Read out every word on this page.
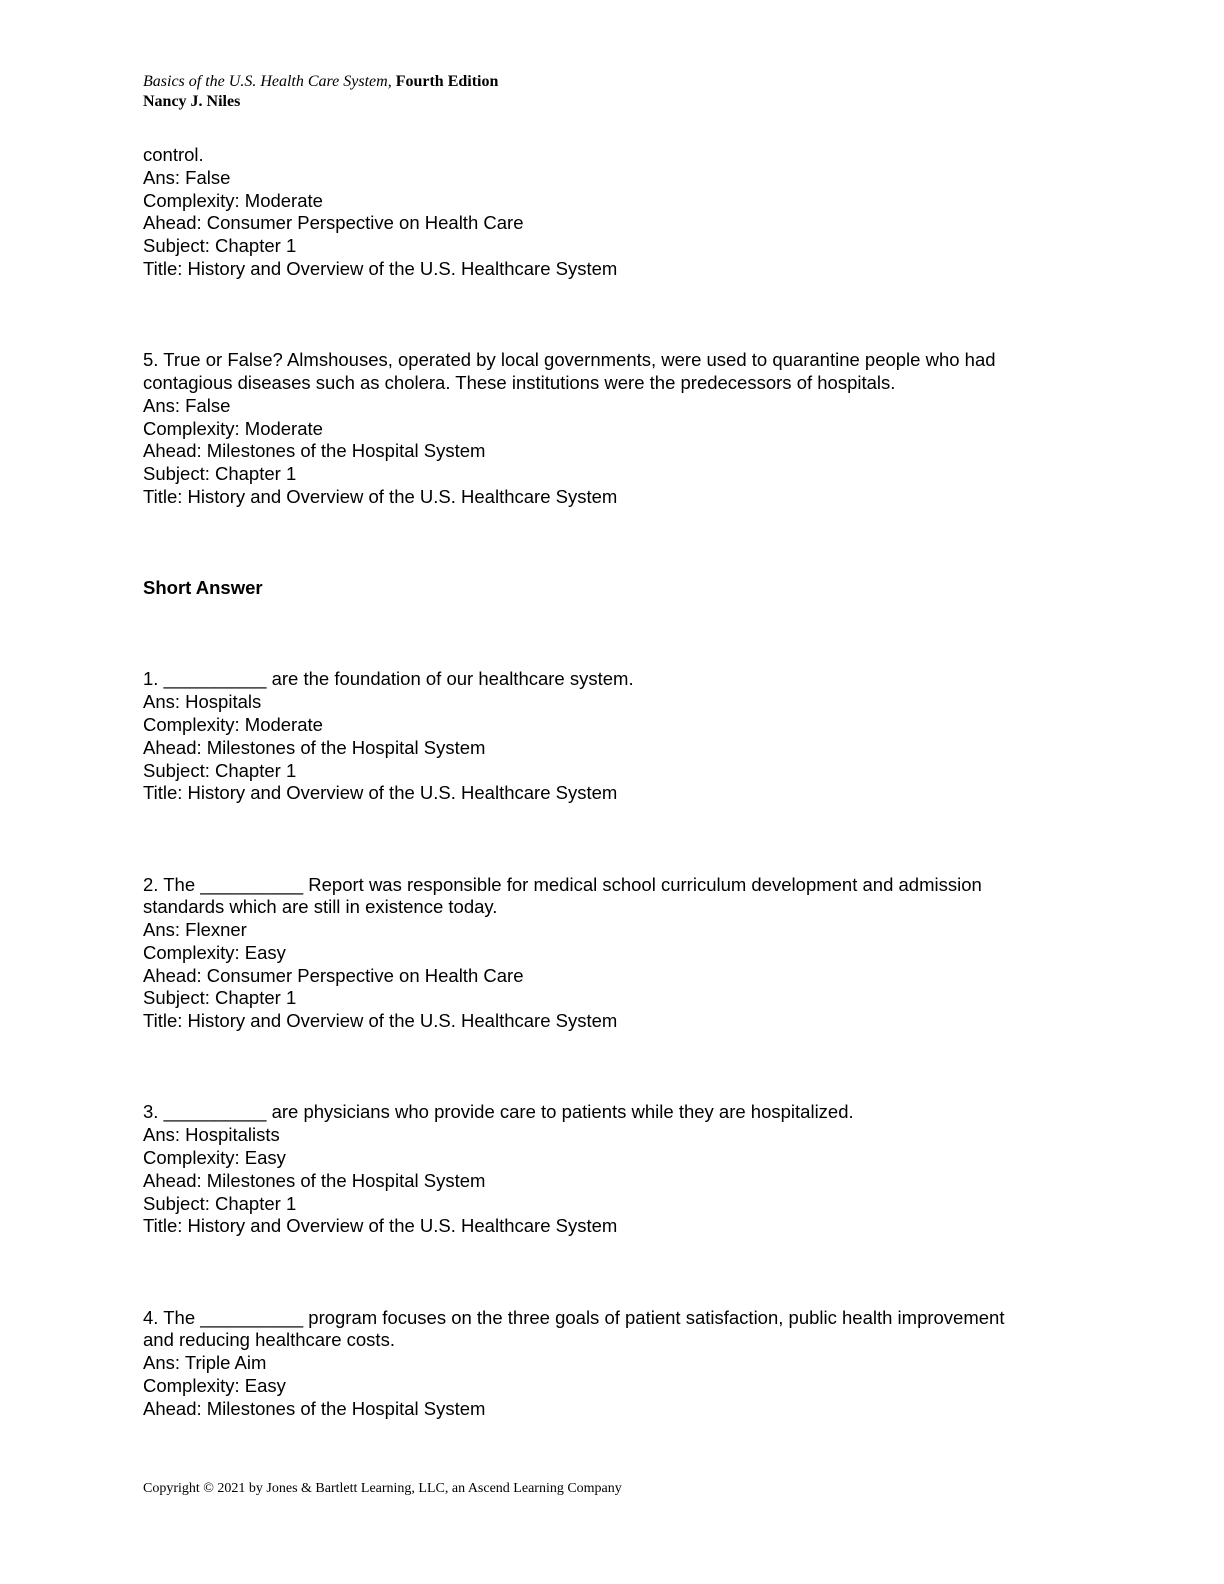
Basics of the U.S. Health Care System, Fourth Edition
Nancy J. Niles
control.
Ans: False
Complexity: Moderate
Ahead: Consumer Perspective on Health Care
Subject: Chapter 1
Title: History and Overview of the U.S. Healthcare System
5. True or False? Almshouses, operated by local governments, were used to quarantine people who had
contagious diseases such as cholera. These institutions were the predecessors of hospitals.
Ans: False
Complexity: Moderate
Ahead: Milestones of the Hospital System
Subject: Chapter 1
Title: History and Overview of the U.S. Healthcare System
Short Answer
1. __________ are the foundation of our healthcare system.
Ans: Hospitals
Complexity: Moderate
Ahead: Milestones of the Hospital System
Subject: Chapter 1
Title: History and Overview of the U.S. Healthcare System
2. The __________ Report was responsible for medical school curriculum development and admission
standards which are still in existence today.
Ans: Flexner
Complexity: Easy
Ahead: Consumer Perspective on Health Care
Subject: Chapter 1
Title: History and Overview of the U.S. Healthcare System
3. __________ are physicians who provide care to patients while they are hospitalized.
Ans: Hospitalists
Complexity: Easy
Ahead: Milestones of the Hospital System
Subject: Chapter 1
Title: History and Overview of the U.S. Healthcare System
4. The __________ program focuses on the three goals of patient satisfaction, public health improvement
and reducing healthcare costs.
Ans: Triple Aim
Complexity: Easy
Ahead: Milestones of the Hospital System
Copyright © 2021 by Jones & Bartlett Learning, LLC, an Ascend Learning Company
